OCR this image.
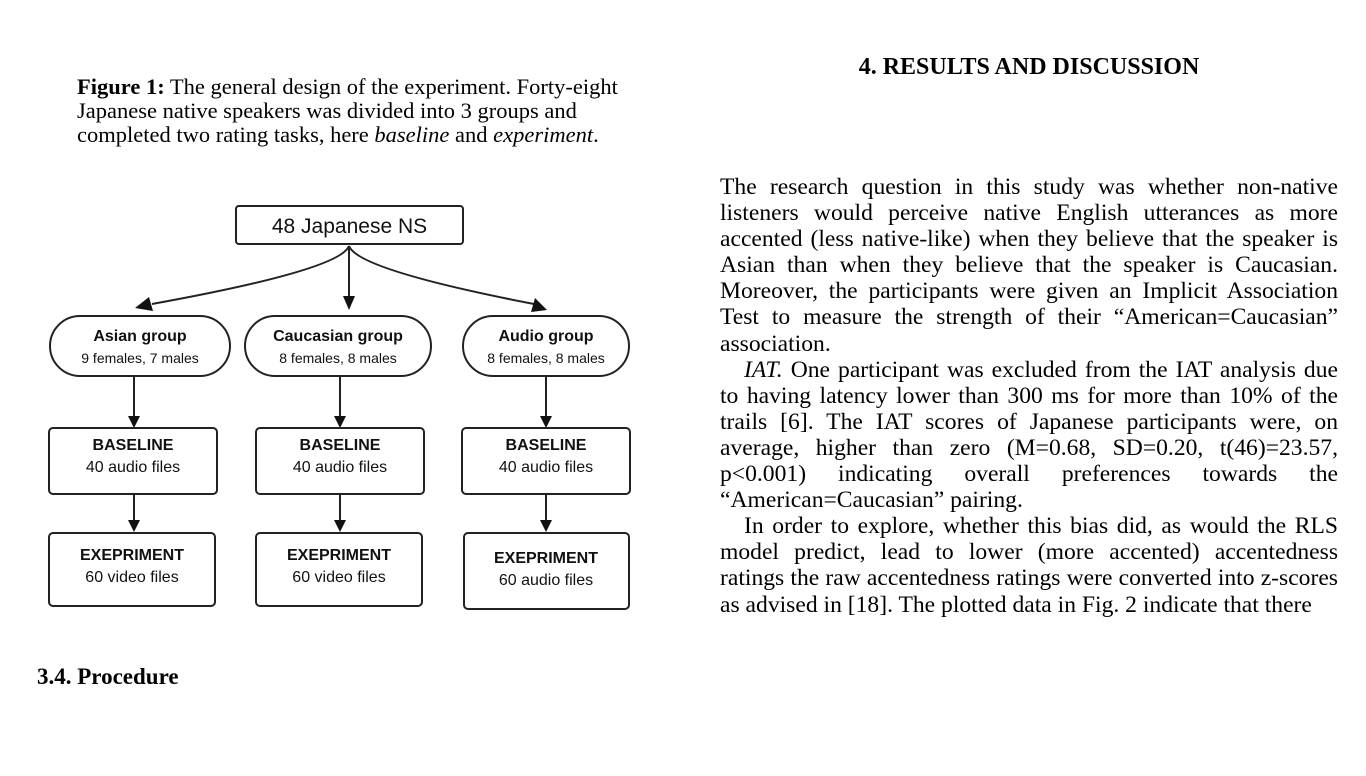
Figure 1: The general design of the experiment. Forty-eight Japanese native speakers was divided into 3 groups and completed two rating tasks, here baseline and experiment.
48 Japanese NS
Asian group
9 females, 7 males
BASELINE
40 audio files
EXEPRIMENT
60 video files
Caucasian group
8 females, 8 males
BASELINE
40 audio files
EXEPRIMENT
60 video files
Audio group
8 females, 8 males
BASELINE
40 audio files
EXEPRIMENT
60 audio files
3.4. Procedure
4. RESULTS AND DISCUSSION

The research question in this study was whether non-native listeners would perceive native English utterances as more accented (less native-like) when they believe that the speaker is Asian than when they believe that the speaker is Caucasian. Moreover, the participants were given an Implicit Association Test to measure the strength of their “American=Caucasian” association.

IAT. One participant was excluded from the IAT analysis due to having latency lower than 300 ms for more than 10% of the trails [6]. The IAT scores of Japanese participants were, on average, higher than zero (M=0.68, SD=0.20, t(46)=23.57, p<0.001) indicating overall preferences towards the “American=Caucasian” pairing.

In order to explore, whether this bias did, as would the RLS model predict, lead to lower (more accented) accentedness ratings the raw accentedness ratings were converted into z-scores as advised in [18]. The plotted data in Fig. 2 indicate that there
